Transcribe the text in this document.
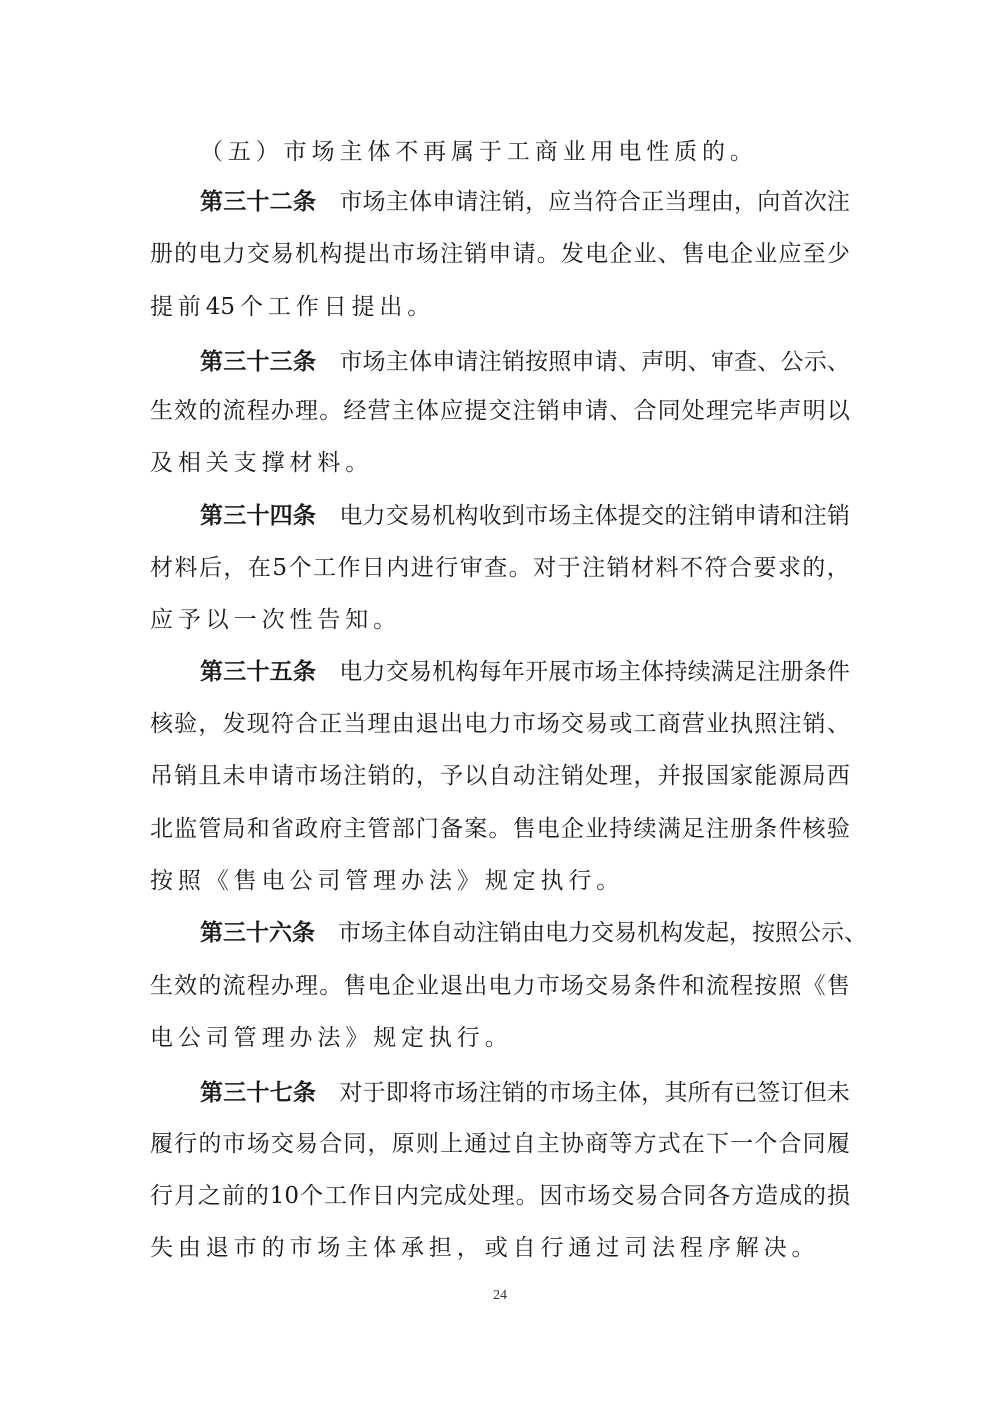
（ 五 ） 市 场 主 体 不 再 属 于 工 商 业 用 电 性 质 的 。
第 三 十 二 条
　 市 场 主 体 申 请 注 销 ， 应 当 符 合 正 当 理 由 ， 向 首 次 注
册 的 电 力 交 易 机 构 提 出 市 场 注 销 申 请 。 发 电 企 业 、 售 电 企 业 应 至 少
提 前 45 个 工 作 日 提 出 。
第 三 十 三 条
　 市 场 主 体 申 请 注 销 按 照 申 请 、 声 明 、 审 查 、 公 示 、
生 效 的 流 程 办 理 。 经 营 主 体 应 提 交 注 销 申 请 、 合 同 处 理 完 毕 声 明 以
及 相 关 支 撑 材 料 。
第 三 十 四 条
　 电 力 交 易 机 构 收 到 市 场 主 体 提 交 的 注 销 申 请 和 注 销
材 料 后 ， 在 5 个 工 作 日 内 进 行 审 查 。 对 于 注 销 材 料 不 符 合 要 求 的 ，
应 予 以 一 次 性 告 知 。
第 三 十 五 条
　 电 力 交 易 机 构 每 年 开 展 市 场 主 体 持 续 满 足 注 册 条 件
核 验 ， 发 现 符 合 正 当 理 由 退 出 电 力 市 场 交 易 或 工 商 营 业 执 照 注 销 、
吊 销 且 未 申 请 市 场 注 销 的 ， 予 以 自 动 注 销 处 理 ， 并 报 国 家 能 源 局 西
北 监 管 局 和 省 政 府 主 管 部 门 备 案 。 售 电 企 业 持 续 满 足 注 册 条 件 核 验
按 照 《 售 电 公 司 管 理 办 法 》 规 定 执 行 。
第 三 十 六 条
　 市 场 主 体 自 动 注 销 由 电 力 交 易 机 构 发 起 ， 按 照 公 示 、
生 效 的 流 程 办 理 。 售 电 企 业 退 出 电 力 市 场 交 易 条 件 和 流 程 按 照 《 售
电 公 司 管 理 办 法 》 规 定 执 行 。
第 三 十 七 条
　 对 于 即 将 市 场 注 销 的 市 场 主 体 ， 其 所 有 已 签 订 但 未
履 行 的 市 场 交 易 合 同 ， 原 则 上 通 过 自 主 协 商 等 方 式 在 下 一 个 合 同 履
行 月 之 前 的 10 个 工 作 日 内 完 成 处 理 。 因 市 场 交 易 合 同 各 方 造 成 的 损
失 由 退 市 的 市 场 主 体 承 担 ， 或 自 行 通 过 司 法 程 序 解 决 。
24
